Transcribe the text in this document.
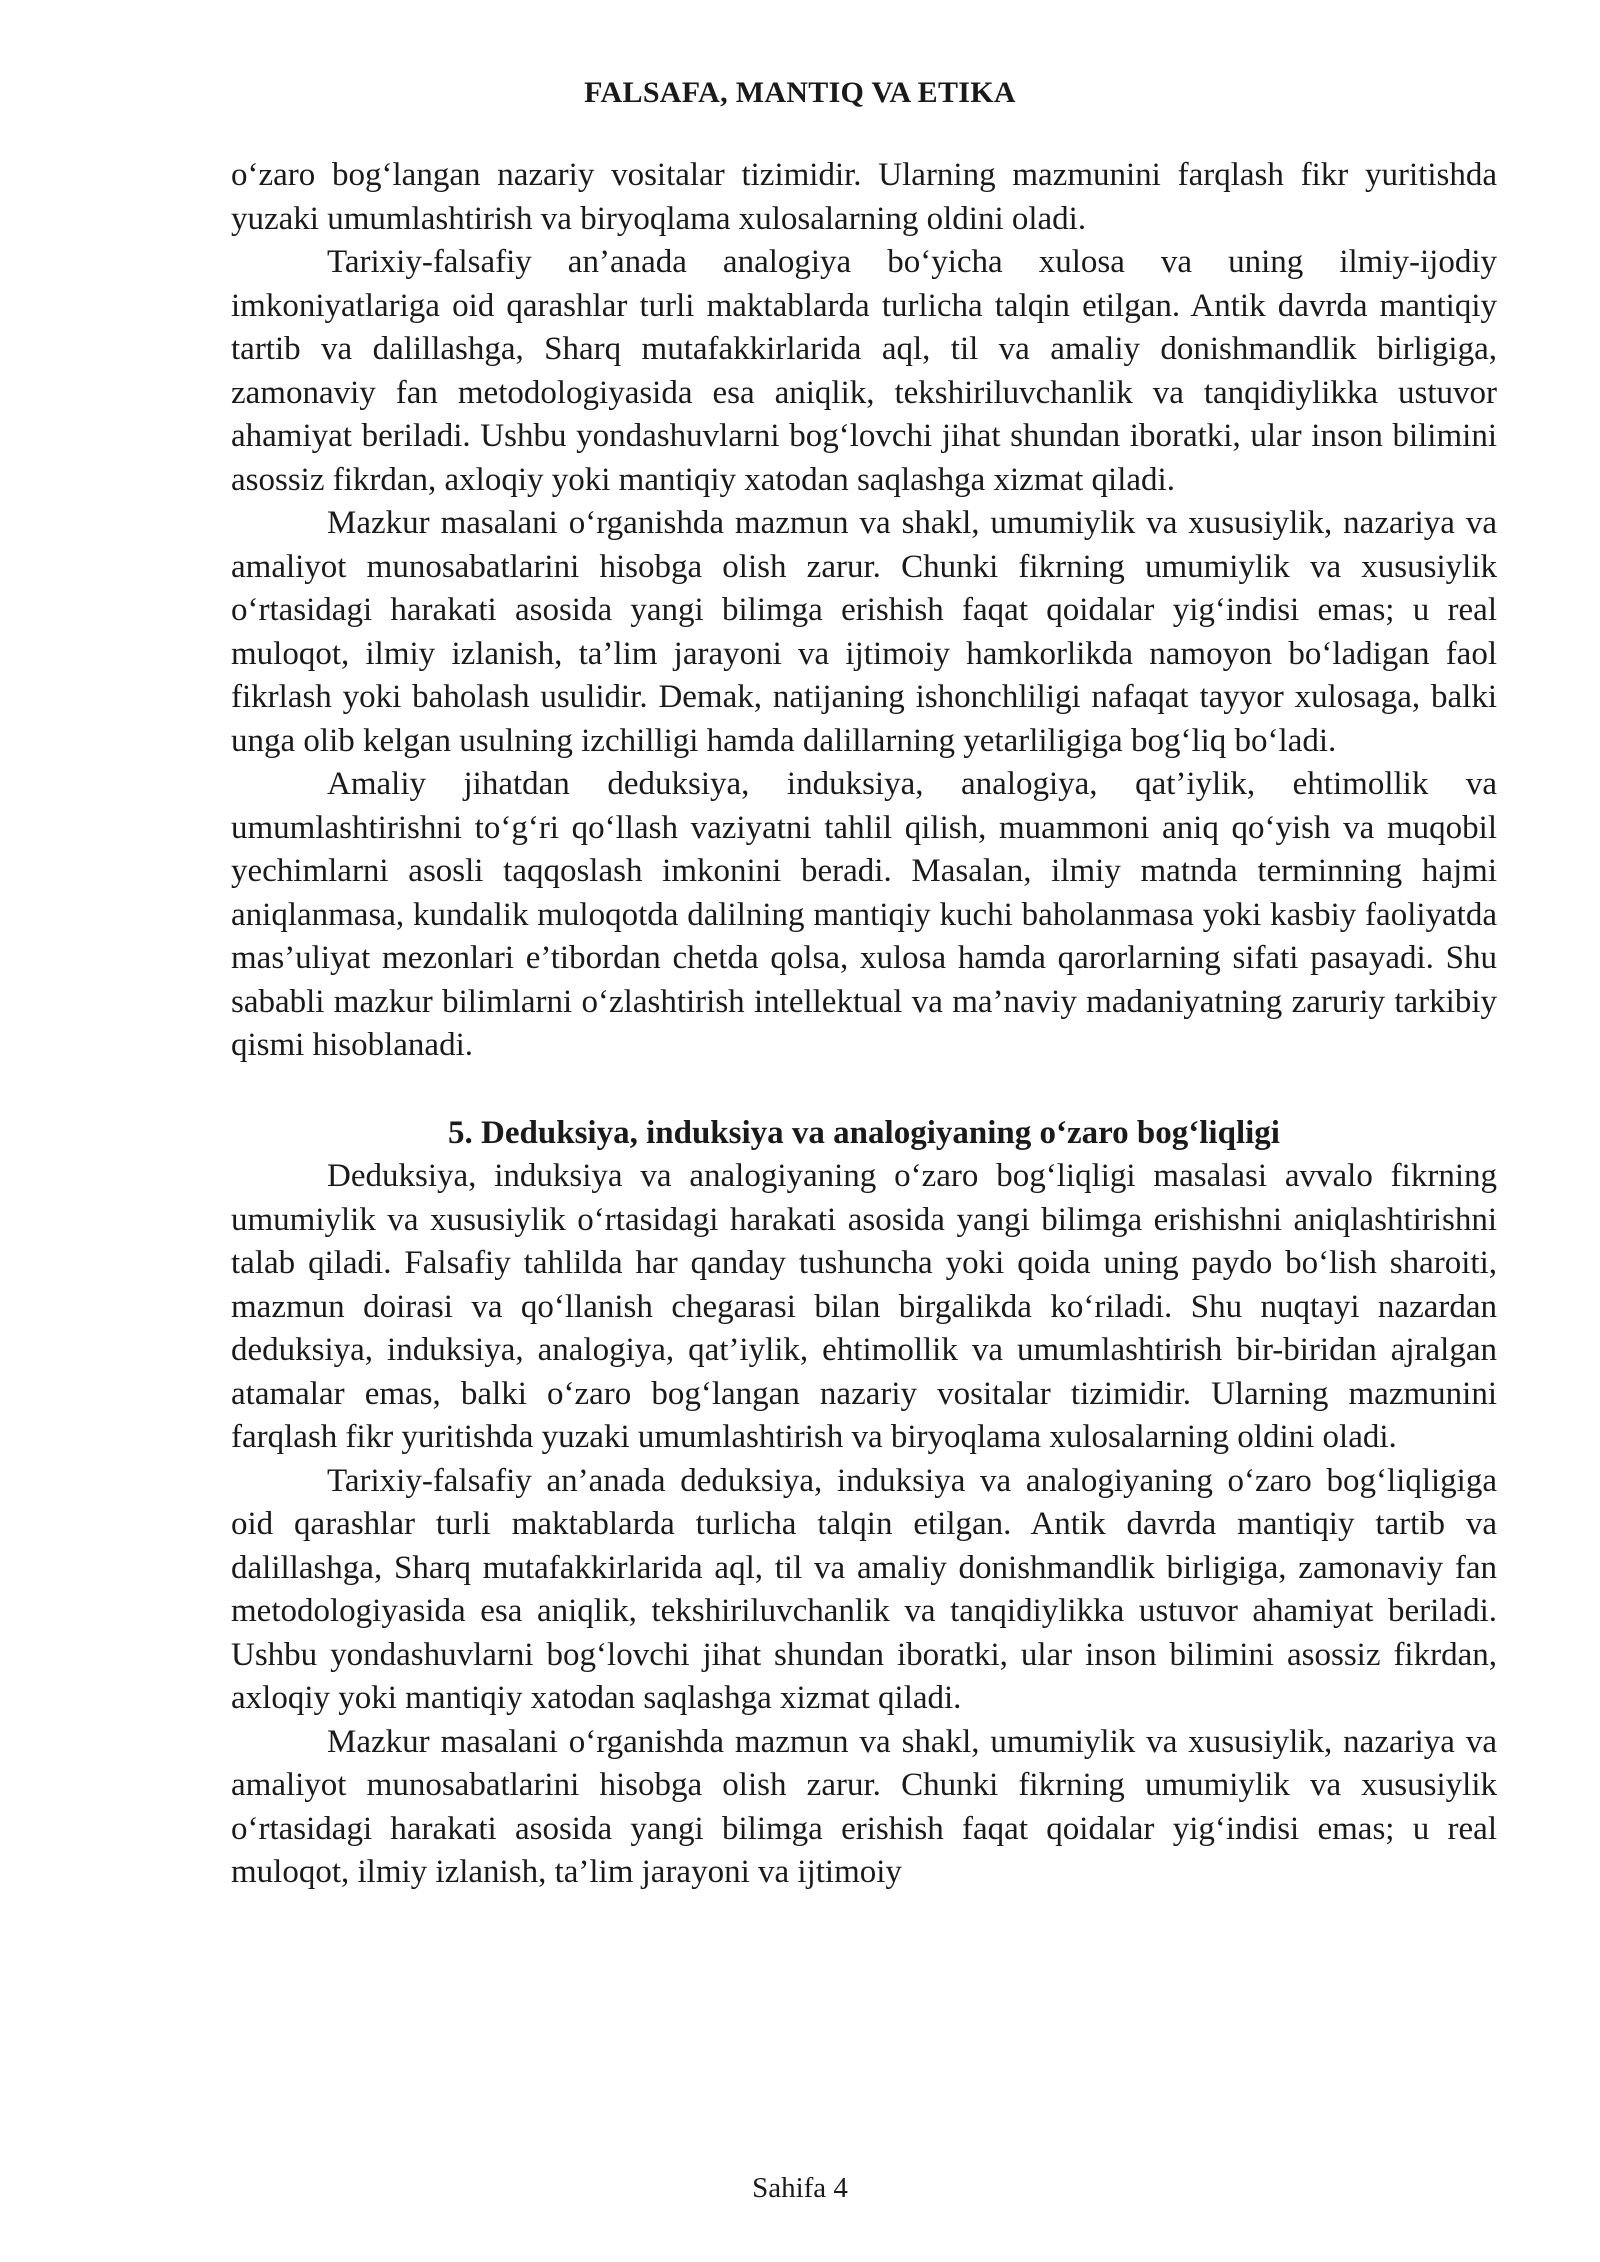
FALSAFA, MANTIQ VA ETIKA

o‘zaro bog‘langan nazariy vositalar tizimidir. Ularning mazmunini farqlash fikr yuritishda yuzaki umumlashtirish va biryoqlama xulosalarning oldini oladi.

Tarixiy-falsafiy an’anada analogiya bo‘yicha xulosa va uning ilmiy-ijodiy imkoniyatlariga oid qarashlar turli maktablarda turlicha talqin etilgan. Antik davrda mantiqiy tartib va dalillashga, Sharq mutafakkirlarida aql, til va amaliy donishmandlik birligiga, zamonaviy fan metodologiyasida esa aniqlik, tekshiriluvchanlik va tanqidiylikka ustuvor ahamiyat beriladi. Ushbu yondashuvlarni bog‘lovchi jihat shundan iboratki, ular inson bilimini asossiz fikrdan, axloqiy yoki mantiqiy xatodan saqlashga xizmat qiladi.

Mazkur masalani o‘rganishda mazmun va shakl, umumiylik va xususiylik, nazariya va amaliyot munosabatlarini hisobga olish zarur. Chunki fikrning umumiylik va xususiylik o‘rtasidagi harakati asosida yangi bilimga erishish faqat qoidalar yig‘indisi emas; u real muloqot, ilmiy izlanish, ta’lim jarayoni va ijtimoiy hamkorlikda namoyon bo‘ladigan faol fikrlash yoki baholash usulidir. Demak, natijaning ishonchliligi nafaqat tayyor xulosaga, balki unga olib kelgan usulning izchilligi hamda dalillarning yetarliligiga bog‘liq bo‘ladi.

Amaliy jihatdan deduksiya, induksiya, analogiya, qat’iylik, ehtimollik va umumlashtirishni to‘g‘ri qo‘llash vaziyatni tahlil qilish, muammoni aniq qo‘yish va muqobil yechimlarni asosli taqqoslash imkonini beradi. Masalan, ilmiy matnda terminning hajmi aniqlanmasa, kundalik muloqotda dalilning mantiqiy kuchi baholanmasa yoki kasbiy faoliyatda mas’uliyat mezonlari e’tibordan chetda qolsa, xulosa hamda qarorlarning sifati pasayadi. Shu sababli mazkur bilimlarni o‘zlashtirish intellektual va ma’naviy madaniyatning zaruriy tarkibiy qismi hisoblanadi.

5. Deduksiya, induksiya va analogiyaning o‘zaro bog‘liqligi

Deduksiya, induksiya va analogiyaning o‘zaro bog‘liqligi masalasi avvalo fikrning umumiylik va xususiylik o‘rtasidagi harakati asosida yangi bilimga erishishni aniqlashtirishni talab qiladi. Falsafiy tahlilda har qanday tushuncha yoki qoida uning paydo bo‘lish sharoiti, mazmun doirasi va qo‘llanish chegarasi bilan birgalikda ko‘riladi. Shu nuqtayi nazardan deduksiya, induksiya, analogiya, qat’iylik, ehtimollik va umumlashtirish bir-biridan ajralgan atamalar emas, balki o‘zaro bog‘langan nazariy vositalar tizimidir. Ularning mazmunini farqlash fikr yuritishda yuzaki umumlashtirish va biryoqlama xulosalarning oldini oladi.

Tarixiy-falsafiy an’anada deduksiya, induksiya va analogiyaning o‘zaro bog‘liqligiga oid qarashlar turli maktablarda turlicha talqin etilgan. Antik davrda mantiqiy tartib va dalillashga, Sharq mutafakkirlarida aql, til va amaliy donishmandlik birligiga, zamonaviy fan metodologiyasida esa aniqlik, tekshiriluvchanlik va tanqidiylikka ustuvor ahamiyat beriladi. Ushbu yondashuvlarni bog‘lovchi jihat shundan iboratki, ular inson bilimini asossiz fikrdan, axloqiy yoki mantiqiy xatodan saqlashga xizmat qiladi.

Mazkur masalani o‘rganishda mazmun va shakl, umumiylik va xususiylik, nazariya va amaliyot munosabatlarini hisobga olish zarur. Chunki fikrning umumiylik va xususiylik o‘rtasidagi harakati asosida yangi bilimga erishish faqat qoidalar yig‘indisi emas; u real muloqot, ilmiy izlanish, ta’lim jarayoni va ijtimoiy

Sahifa 4
